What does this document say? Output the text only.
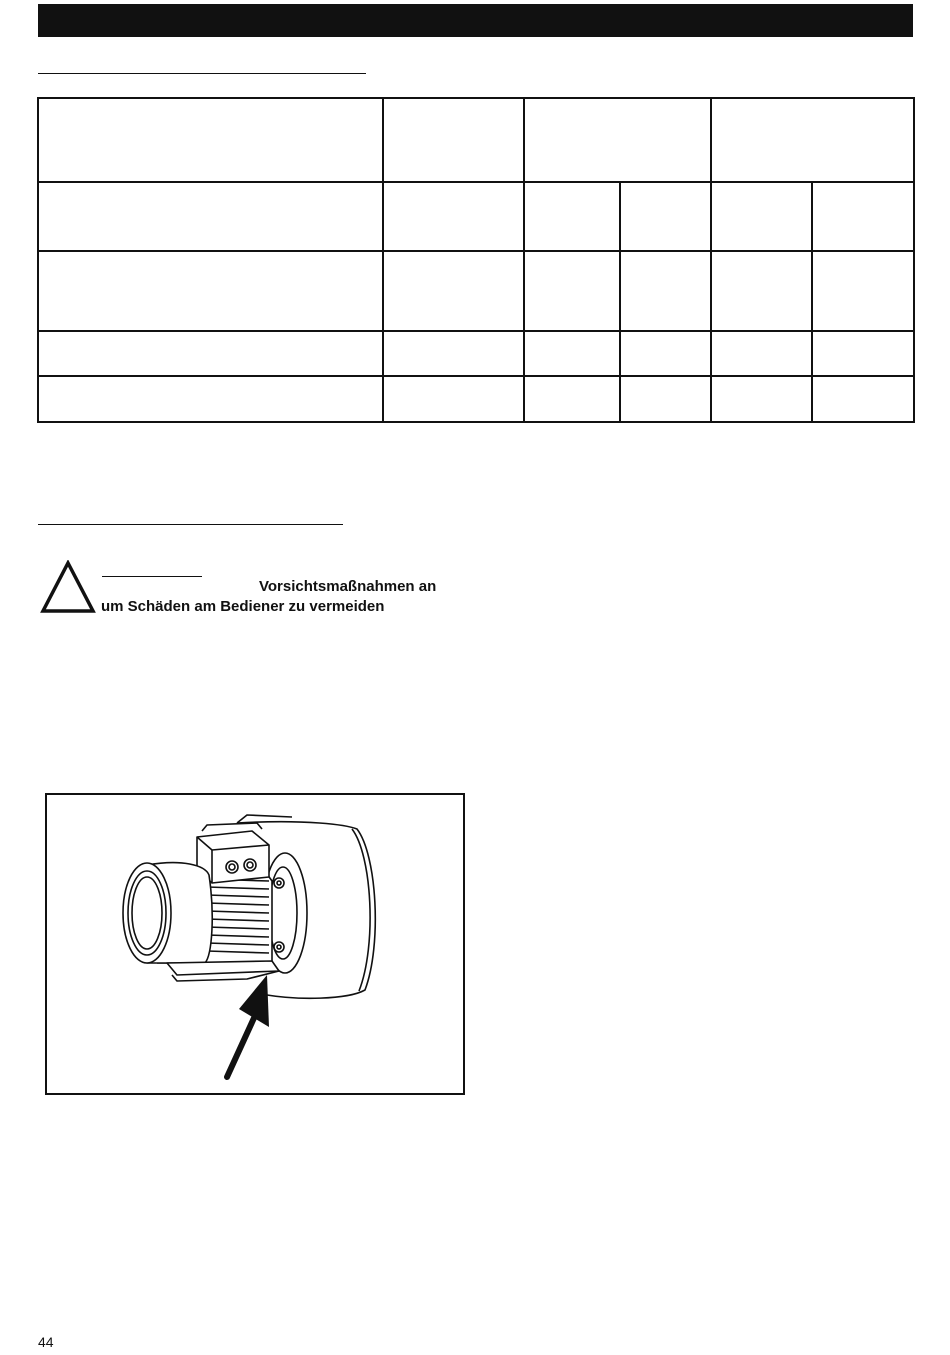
Vorsichtsmaßnahmen an
um Schäden am Bediener zu vermeiden
44
